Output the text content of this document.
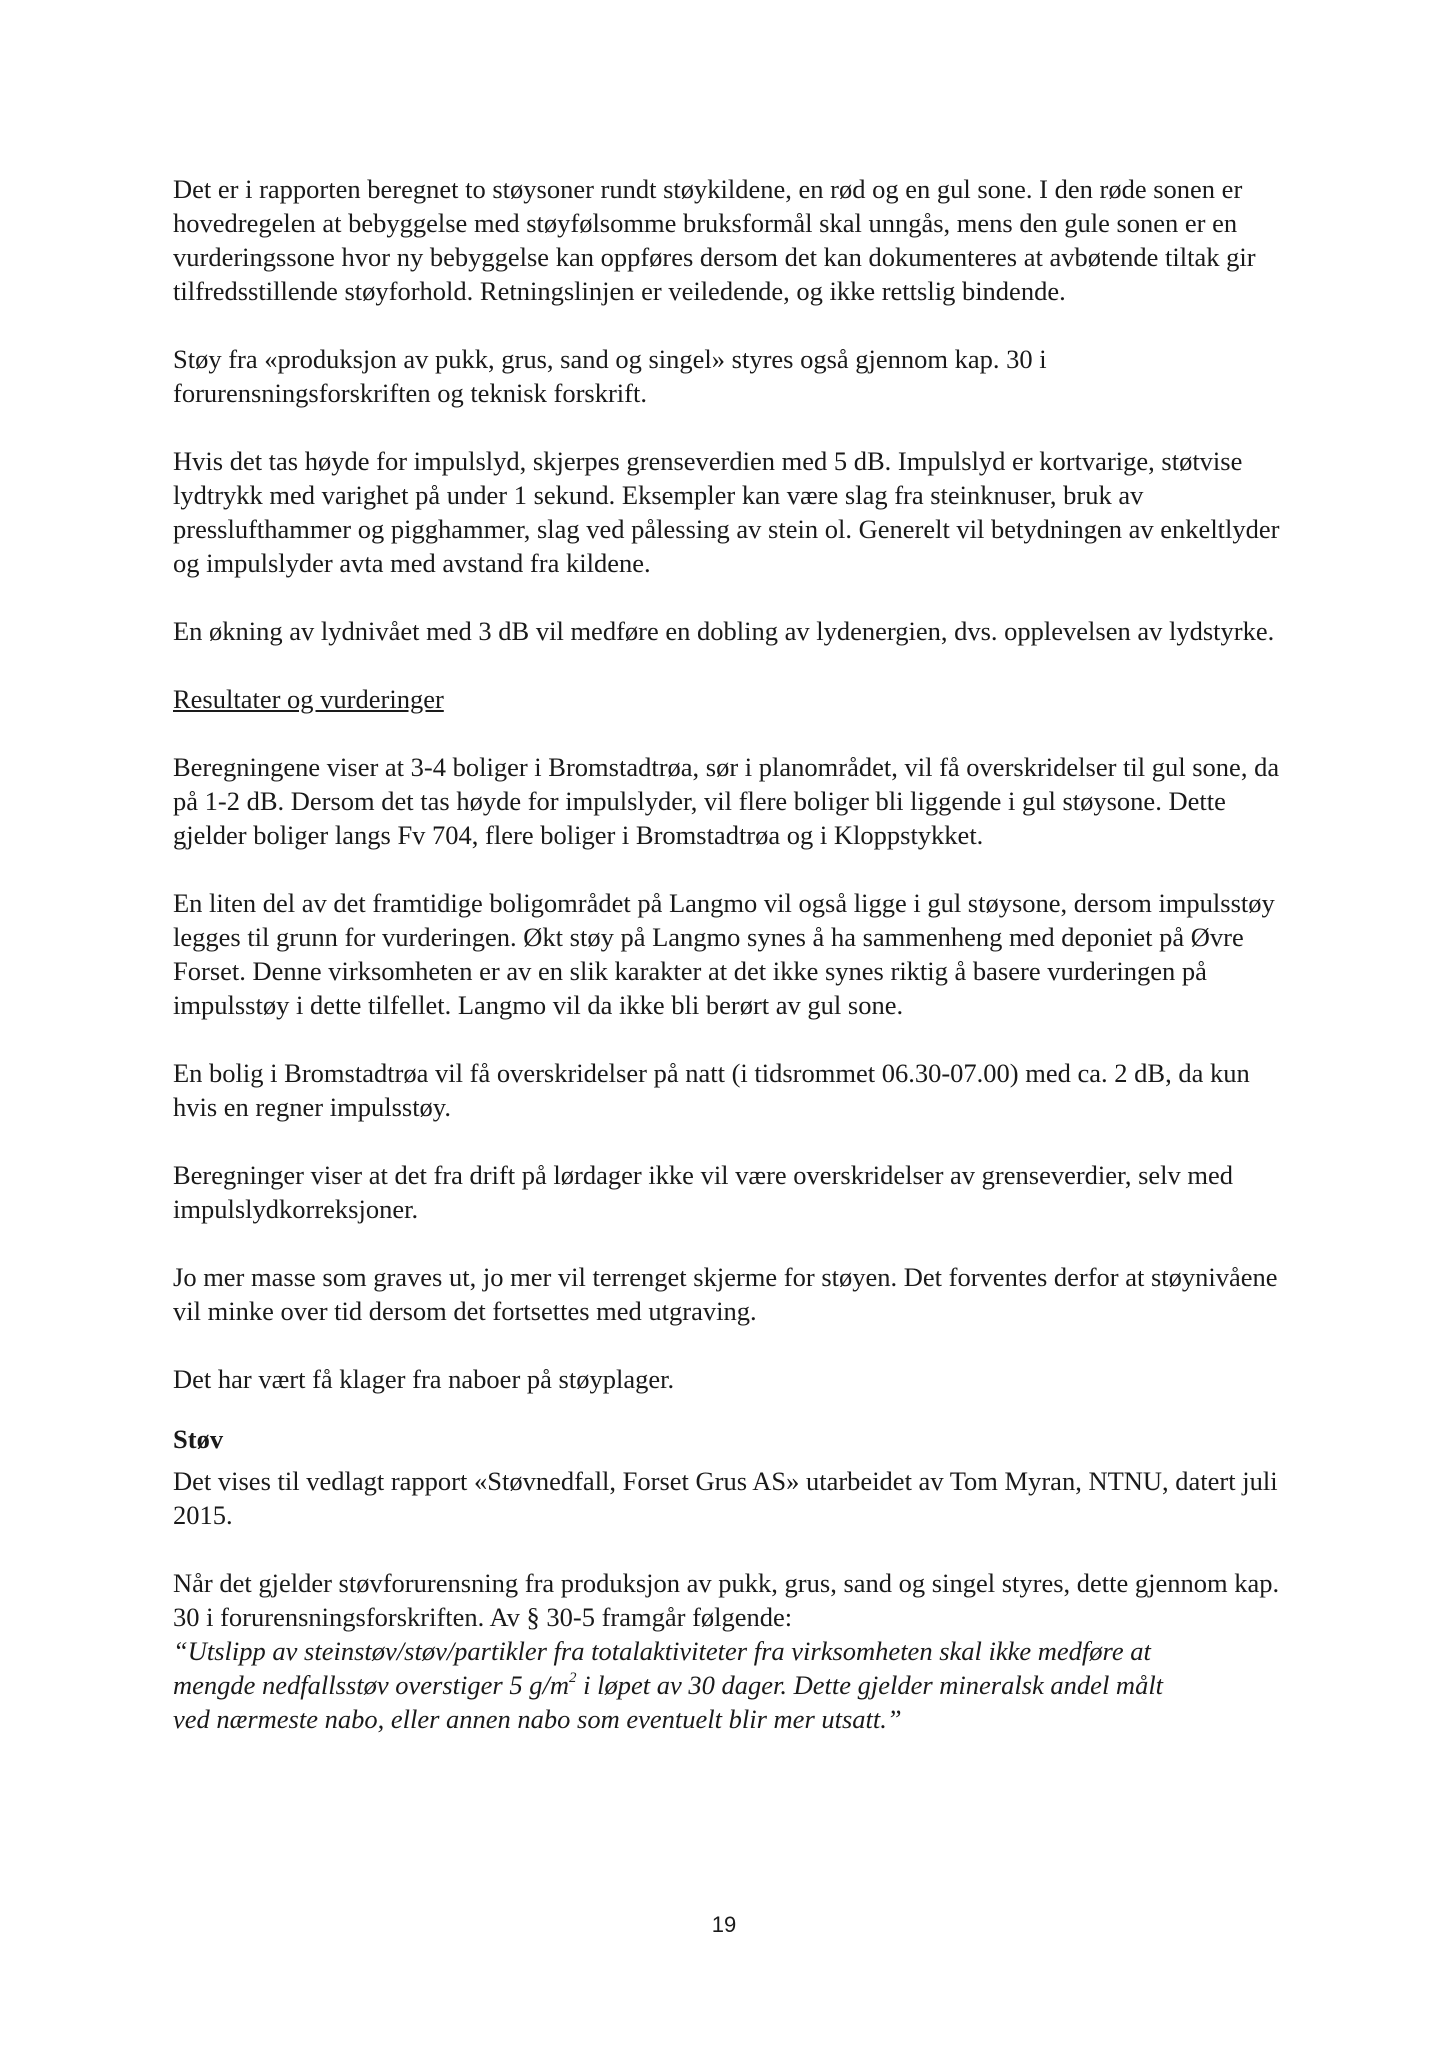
Det er i rapporten beregnet to støysoner rundt støykildene, en rød og en gul sone. I den røde sonen er hovedregelen at bebyggelse med støyfølsomme bruksformål skal unngås, mens den gule sonen er en vurderingssone hvor ny bebyggelse kan oppføres dersom det kan dokumenteres at avbøtende tiltak gir tilfredsstillende støyforhold. Retningslinjen er veiledende, og ikke rettslig bindende.

Støy fra «produksjon av pukk, grus, sand og singel» styres også gjennom kap. 30 i forurensningsforskriften og teknisk forskrift.

Hvis det tas høyde for impulslyd, skjerpes grenseverdien med 5 dB. Impulslyd er kortvarige, støtvise lydtrykk med varighet på under 1 sekund. Eksempler kan være slag fra steinknuser, bruk av presslufthammer og pigghammer, slag ved pålessing av stein ol. Generelt vil betydningen av enkeltlyder og impulslyder avta med avstand fra kildene.

En økning av lydnivået med 3 dB vil medføre en dobling av lydenergien, dvs. opplevelsen av lydstyrke.

Resultater og vurderinger

Beregningene viser at 3-4 boliger i Bromstadtrøa, sør i planområdet, vil få overskridelser til gul sone, da på 1-2 dB. Dersom det tas høyde for impulslyder, vil flere boliger bli liggende i gul støysone. Dette gjelder boliger langs Fv 704, flere boliger i Bromstadtrøa og i Kloppstykket.

En liten del av det framtidige boligområdet på Langmo vil også ligge i gul støysone, dersom impulsstøy legges til grunn for vurderingen. Økt støy på Langmo synes å ha sammenheng med deponiet på Øvre Forset. Denne virksomheten er av en slik karakter at det ikke synes riktig å basere vurderingen på impulsstøy i dette tilfellet. Langmo vil da ikke bli berørt av gul sone.

En bolig i Bromstadtrøa vil få overskridelser på natt (i tidsrommet 06.30-07.00) med ca. 2 dB, da kun hvis en regner impulsstøy.

Beregninger viser at det fra drift på lørdager ikke vil være overskridelser av grenseverdier, selv med impulslydkorreksjoner.

Jo mer masse som graves ut, jo mer vil terrenget skjerme for støyen. Det forventes derfor at støynivåene vil minke over tid dersom det fortsettes med utgraving.

Det har vært få klager fra naboer på støyplager.

Støv

Det vises til vedlagt rapport «Støvnedfall, Forset Grus AS» utarbeidet av Tom Myran, NTNU, datert juli 2015.

Når det gjelder støvforurensning fra produksjon av pukk, grus, sand og singel styres, dette gjennom kap. 30 i forurensningsforskriften. Av § 30-5 framgår følgende:

“Utslipp av steinstøv/støv/partikler fra totalaktiviteter fra virksomheten skal ikke medføre at mengde nedfallsstøv overstiger 5 $g/m^2$ i løpet av 30 dager. Dette gjelder mineralsk andel målt ved nærmeste nabo, eller annen nabo som eventuelt blir mer utsatt.”

19
